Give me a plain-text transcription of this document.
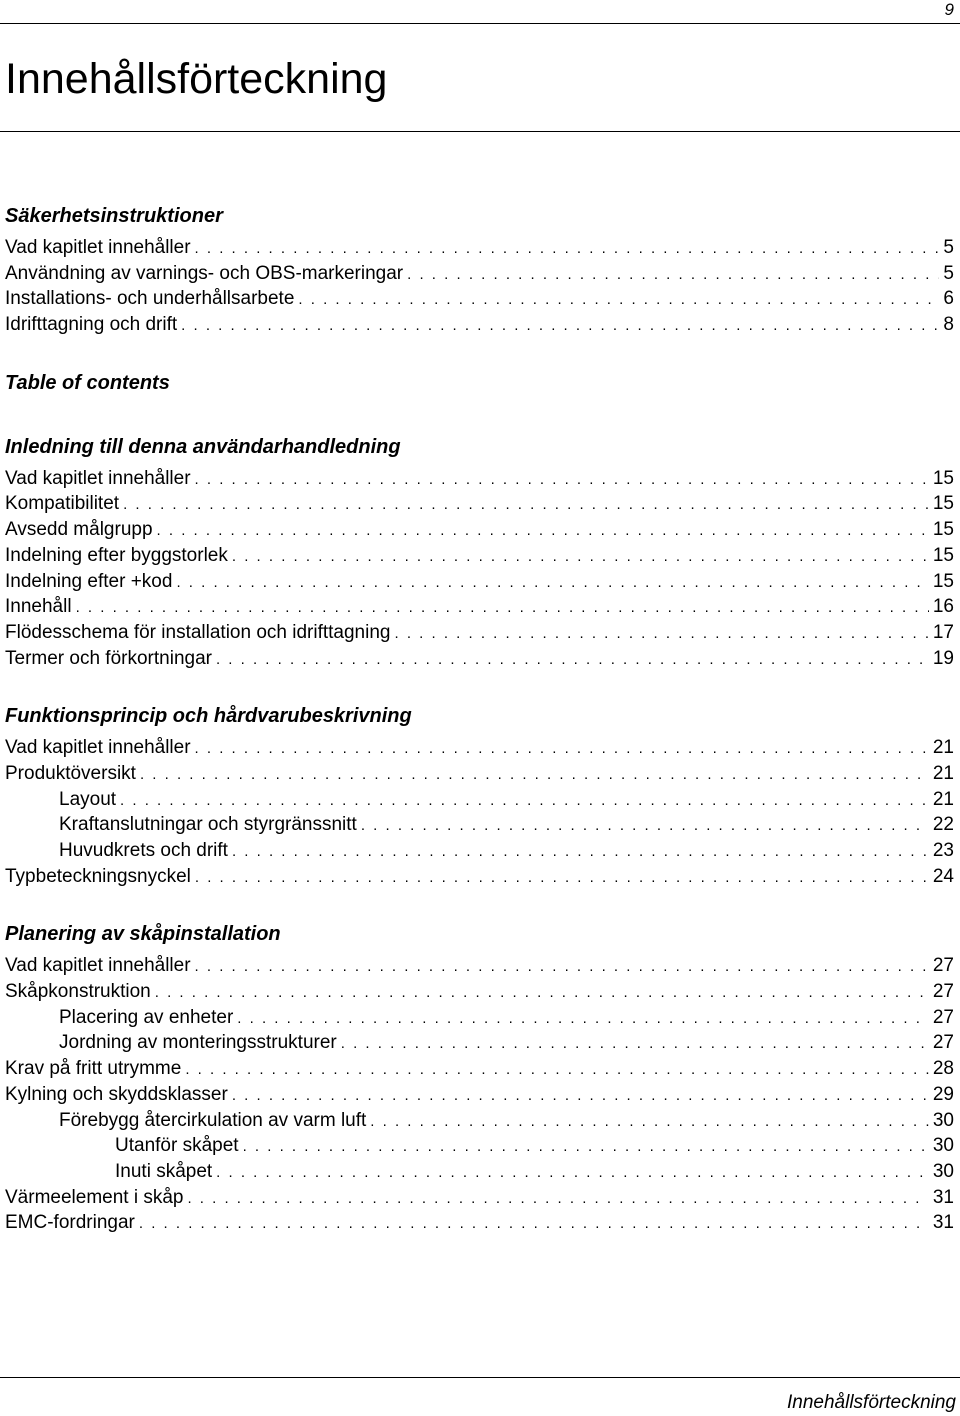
9
Innehållsförteckning
Säkerhetsinstruktioner
Vad kapitlet innehåller . . .	5
Användning av varnings- och OBS-markeringar . . .	5
Installations- och underhållsarbete . . .	6
Idrifttagning och drift . . .	8
Table of contents
Inledning till denna användarhandledning
Vad kapitlet innehåller . . .	15
Kompatibilitet . . .	15
Avsedd målgrupp . . .	15
Indelning efter byggstorlek . . .	15
Indelning efter +kod . . .	15
Innehåll . . .	16
Flödesschema för installation och idrifttagning . . .	17
Termer och förkortningar . . .	19
Funktionsprincip och hårdvarubeskrivning
Vad kapitlet innehåller . . .	21
Produktöversikt . . .	21
Layout . . .	21
Kraftanslutningar och styrgränssnitt . . .	22
Huvudkrets och drift . . .	23
Typbeteckningsnyckel . . .	24
Planering av skåpinstallation
Vad kapitlet innehåller . . .	27
Skåpkonstruktion . . .	27
Placering av enheter . . .	27
Jordning av monteringsstrukturer . . .	27
Krav på fritt utrymme . . .	28
Kylning och skyddsklasser . . .	29
Förebygg återcirkulation av varm luft . . .	30
Utanför skåpet . . .	30
Inuti skåpet . . .	30
Värmeelement i skåp . . .	31
EMC-fordringar . . .	31
Innehållsförteckning
